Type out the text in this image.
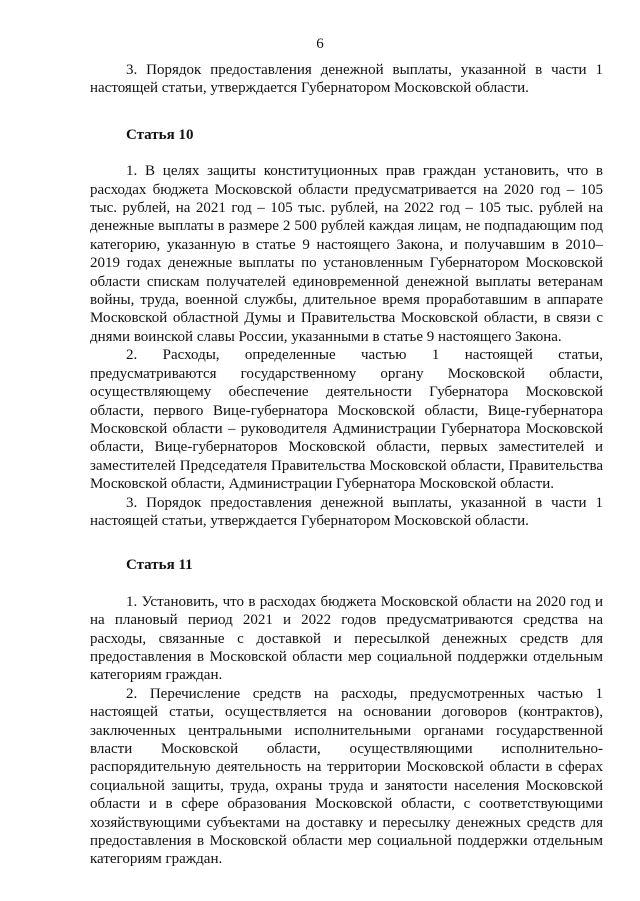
6

3. Порядок предоставления денежной выплаты, указанной в части 1 настоящей статьи, утверждается Губернатором Московской области.

Статья 10

1. В целях защиты конституционных прав граждан установить, что в расходах бюджета Московской области предусматривается на 2020 год – 105 тыс. рублей, на 2021 год – 105 тыс. рублей, на 2022 год – 105 тыс. рублей на денежные выплаты в размере 2 500 рублей каждая лицам, не подпадающим под категорию, указанную в статье 9 настоящего Закона, и получавшим в 2010–2019 годах денежные выплаты по установленным Губернатором Московской области спискам получателей единовременной денежной выплаты ветеранам войны, труда, военной службы, длительное время проработавшим в аппарате Московской областной Думы и Правительства Московской области, в связи с днями воинской славы России, указанными в статье 9 настоящего Закона.

2. Расходы, определенные частью 1 настоящей статьи, предусматриваются государственному органу Московской области, осуществляющему обеспечение деятельности Губернатора Московской области, первого Вице-губернатора Московской области, Вице-губернатора Московской области – руководителя Администрации Губернатора Московской области, Вице-губернаторов Московской области, первых заместителей и заместителей Председателя Правительства Московской области, Правительства Московской области, Администрации Губернатора Московской области.

3. Порядок предоставления денежной выплаты, указанной в части 1 настоящей статьи, утверждается Губернатором Московской области.

Статья 11

1. Установить, что в расходах бюджета Московской области на 2020 год и на плановый период 2021 и 2022 годов предусматриваются средства на расходы, связанные с доставкой и пересылкой денежных средств для предоставления в Московской области мер социальной поддержки отдельным категориям граждан.

2. Перечисление средств на расходы, предусмотренных частью 1 настоящей статьи, осуществляется на основании договоров (контрактов), заключенных центральными исполнительными органами государственной власти Московской области, осуществляющими исполнительно-распорядительную деятельность на территории Московской области в сферах социальной защиты, труда, охраны труда и занятости населения Московской области и в сфере образования Московской области, с соответствующими хозяйствующими субъектами на доставку и пересылку денежных средств для предоставления в Московской области мер социальной поддержки отдельным категориям граждан.
